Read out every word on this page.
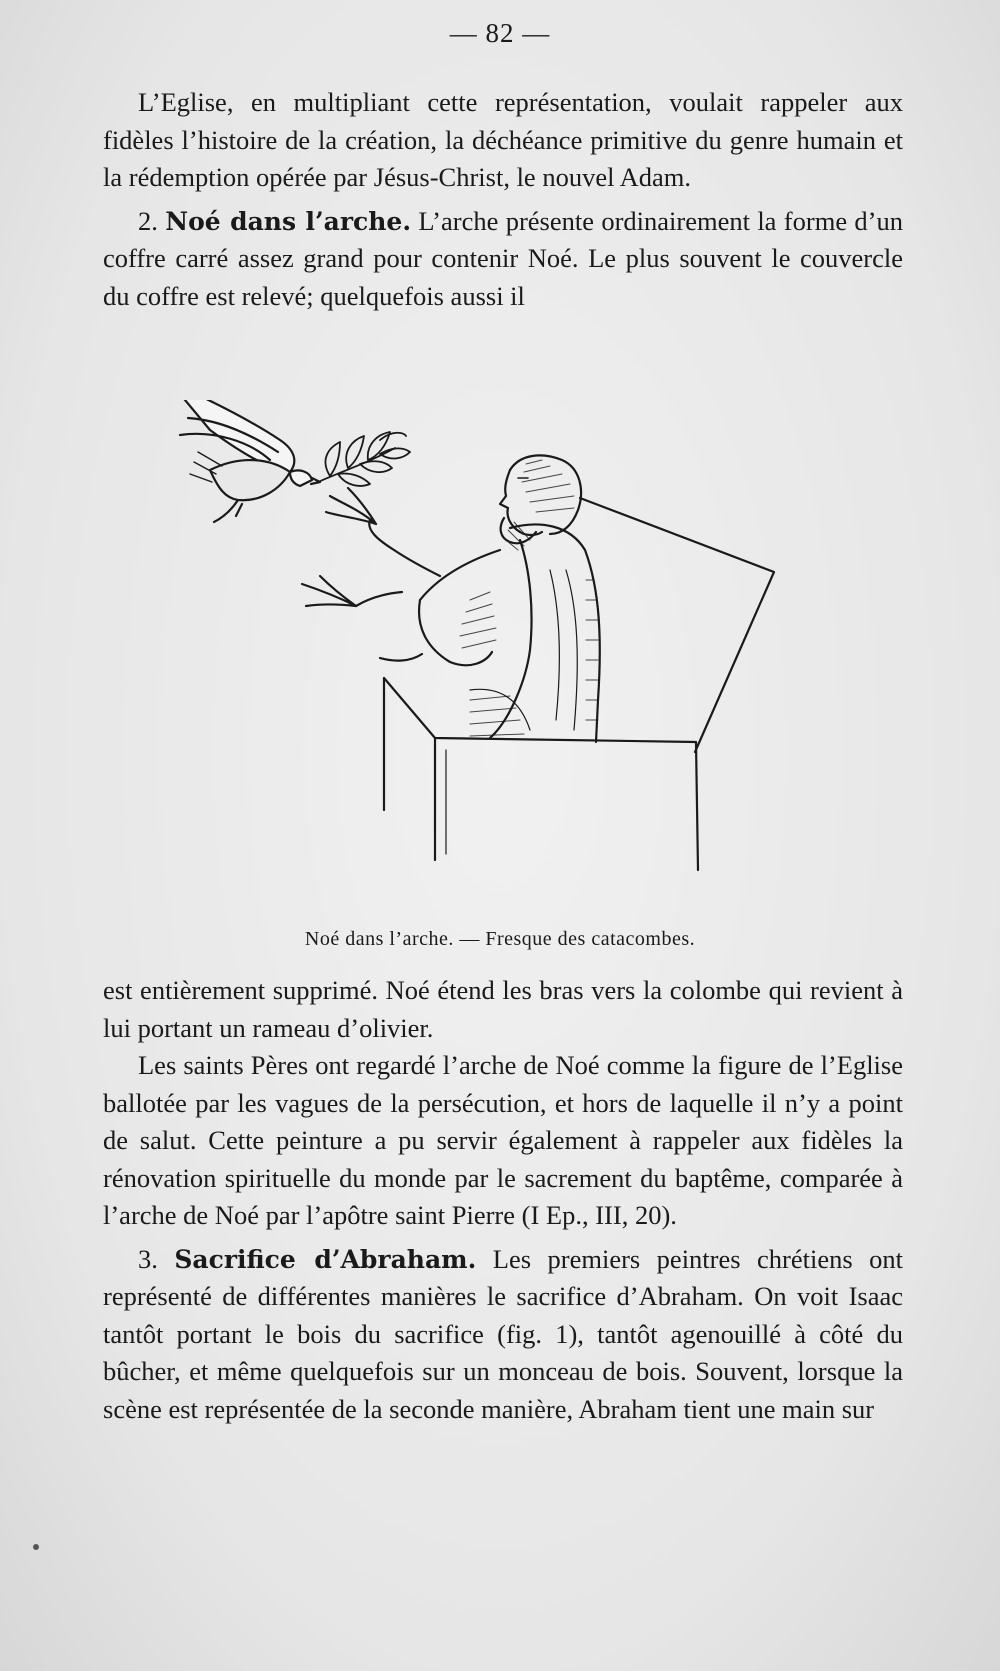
— 82 —

L’Eglise, en multipliant cette représentation, voulait rappeler aux fidèles l’histoire de la création, la déchéance primitive du genre humain et la rédemption opérée par Jésus-Christ, le nouvel Adam.

2. Noé dans l’arche. L’arche présente ordinairement la forme d’un coffre carré assez grand pour contenir Noé. Le plus souvent le couvercle du coffre est relevé; quelquefois aussi il

Noé dans l’arche. — Fresque des catacombes.

est entièrement supprimé. Noé étend les bras vers la colombe qui revient à lui portant un rameau d’olivier.

Les saints Pères ont regardé l’arche de Noé comme la figure de l’Eglise ballotée par les vagues de la persécution, et hors de laquelle il n’y a point de salut. Cette peinture a pu servir également à rappeler aux fidèles la rénovation spirituelle du monde par le sacrement du baptême, comparée à l’arche de Noé par l’apôtre saint Pierre (I Ep., III, 20).

3. Sacrifice d’Abraham. Les premiers peintres chrétiens ont représenté de différentes manières le sacrifice d’Abraham. On voit Isaac tantôt portant le bois du sacrifice (fig. 1), tantôt agenouillé à côté du bûcher, et même quelquefois sur un monceau de bois. Souvent, lorsque la scène est représentée de la seconde manière, Abraham tient une main sur
